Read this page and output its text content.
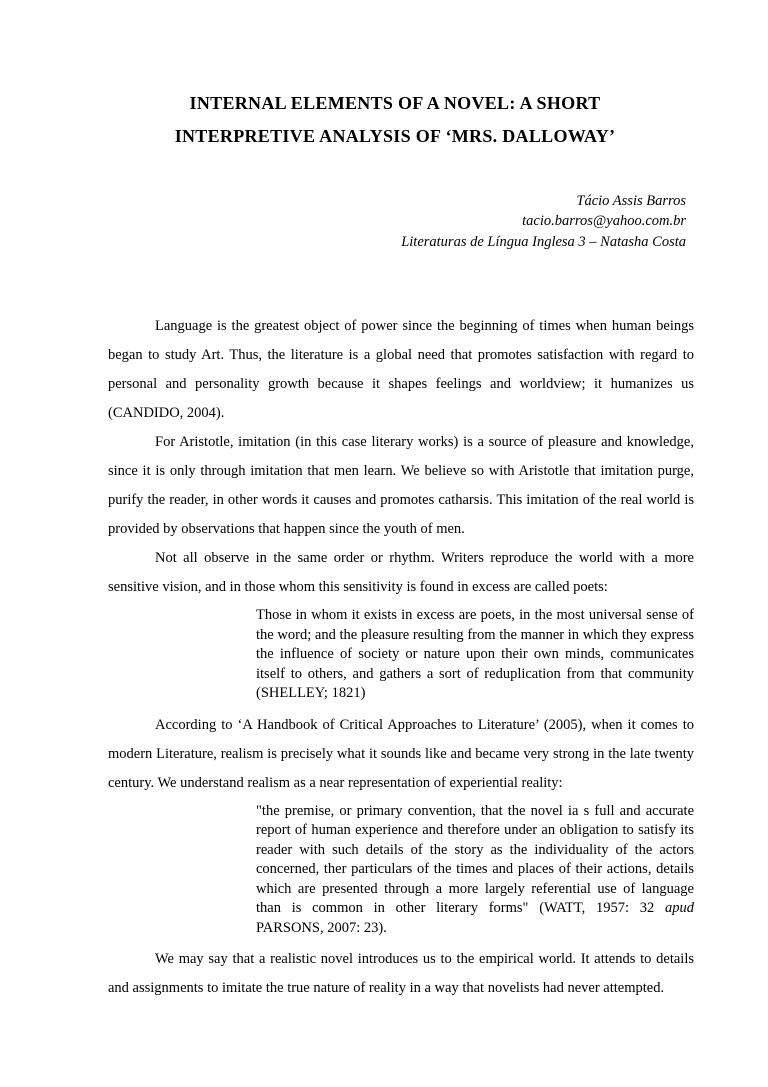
INTERNAL ELEMENTS OF A NOVEL: A SHORT
INTERPRETIVE ANALYSIS OF ‘MRS. DALLOWAY’
Tácio Assis Barros
tacio.barros@yahoo.com.br
Literaturas de Língua Inglesa 3 – Natasha Costa

Language is the greatest object of power since the beginning of times when human beings began to study Art. Thus, the literature is a global need that promotes satisfaction with regard to personal and personality growth because it shapes feelings and worldview; it humanizes us (CANDIDO, 2004).

For Aristotle, imitation (in this case literary works) is a source of pleasure and knowledge, since it is only through imitation that men learn. We believe so with Aristotle that imitation purge, purify the reader, in other words it causes and promotes catharsis. This imitation of the real world is provided by observations that happen since the youth of men.

Not all observe in the same order or rhythm. Writers reproduce the world with a more sensitive vision, and in those whom this sensitivity is found in excess are called poets:

Those in whom it exists in excess are poets, in the most universal sense of the word; and the pleasure resulting from the manner in which they express the influence of society or nature upon their own minds, communicates itself to others, and gathers a sort of reduplication from that community (SHELLEY; 1821)

According to ‘A Handbook of Critical Approaches to Literature’ (2005), when it comes to modern Literature, realism is precisely what it sounds like and became very strong in the late twenty century. We understand realism as a near representation of experiential reality:

"the premise, or primary convention, that the novel ia s full and accurate report of human experience and therefore under an obligation to satisfy its reader with such details of the story as the individuality of the actors concerned, ther particulars of the times and places of their actions, details which are presented through a more largely referential use of language than is common in other literary forms" (WATT, 1957: 32 apud PARSONS, 2007: 23).

We may say that a realistic novel introduces us to the empirical world. It attends to details and assignments to imitate the true nature of reality in a way that novelists had never attempted.
